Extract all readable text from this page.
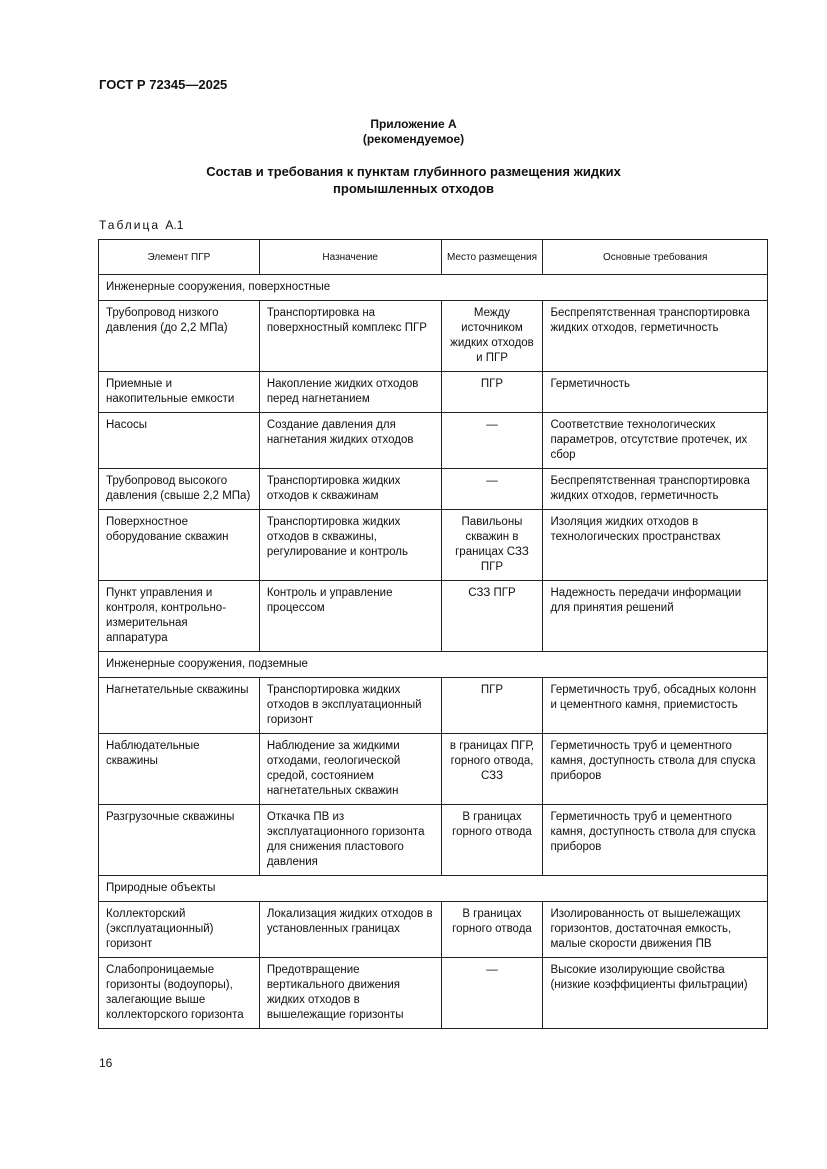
ГОСТ Р 72345—2025
Приложение А
(рекомендуемое)
Состав и требования к пунктам глубинного размещения жидких
промышленных отходов
Таблица А.1
Элемент ПГР	Назначение	Место размещения	Основные требования
Инженерные сооружения, поверхностные			
Трубопровод низкого давления (до 2,2 МПа)	Транспортировка на поверхностный комплекс ПГР	Между источником жидких отходов и ПГР	Беспрепятственная транспортировка жидких отходов, герметичность
Приемные и накопительные емкости	Накопление жидких отходов перед нагнетанием	ПГР	Герметичность
Насосы	Создание давления для нагнетания жидких отходов	—	Соответствие технологических параметров, отсутствие протечек, их сбор
Трубопровод высокого давления (свыше 2,2 МПа)	Транспортировка жидких отходов к скважинам	—	Беспрепятственная транспортировка жидких отходов, герметичность
Поверхностное оборудование скважин	Транспортировка жидких отходов в скважины, регулирование и контроль	Павильоны скважин в границах СЗЗ ПГР	Изоляция жидких отходов в технологических пространствах
Пункт управления и контроля, контрольно-измерительная аппаратура	Контроль и управление процессом	СЗЗ ПГР	Надежность передачи информации для принятия решений
Инженерные сооружения, подземные			
Нагнетательные скважины	Транспортировка жидких отходов в эксплуатационный горизонт	ПГР	Герметичность труб, обсадных колонн и цементного камня, приемистость
Наблюдательные скважины	Наблюдение за жидкими отходами, геологической средой, состоянием нагнетательных скважин	в границах ПГР, горного отвода, СЗЗ	Герметичность труб и цементного камня, доступность ствола для спуска приборов
Разгрузочные скважины	Откачка ПВ из эксплуатационного горизонта для снижения пластового давления	В границах горного отвода	Герметичность труб и цементного камня, доступность ствола для спуска приборов
Природные объекты			
Коллекторский (эксплуатационный) горизонт	Локализация жидких отходов в установленных границах	В границах горного отвода	Изолированность от вышележащих горизонтов, достаточная емкость, малые скорости движения ПВ
Слабопроницаемые горизонты (водоупоры), залегающие выше коллекторского горизонта	Предотвращение вертикального движения жидких отходов в вышележащие горизонты	—	Высокие изолирующие свойства (низкие коэффициенты фильтрации)
16
